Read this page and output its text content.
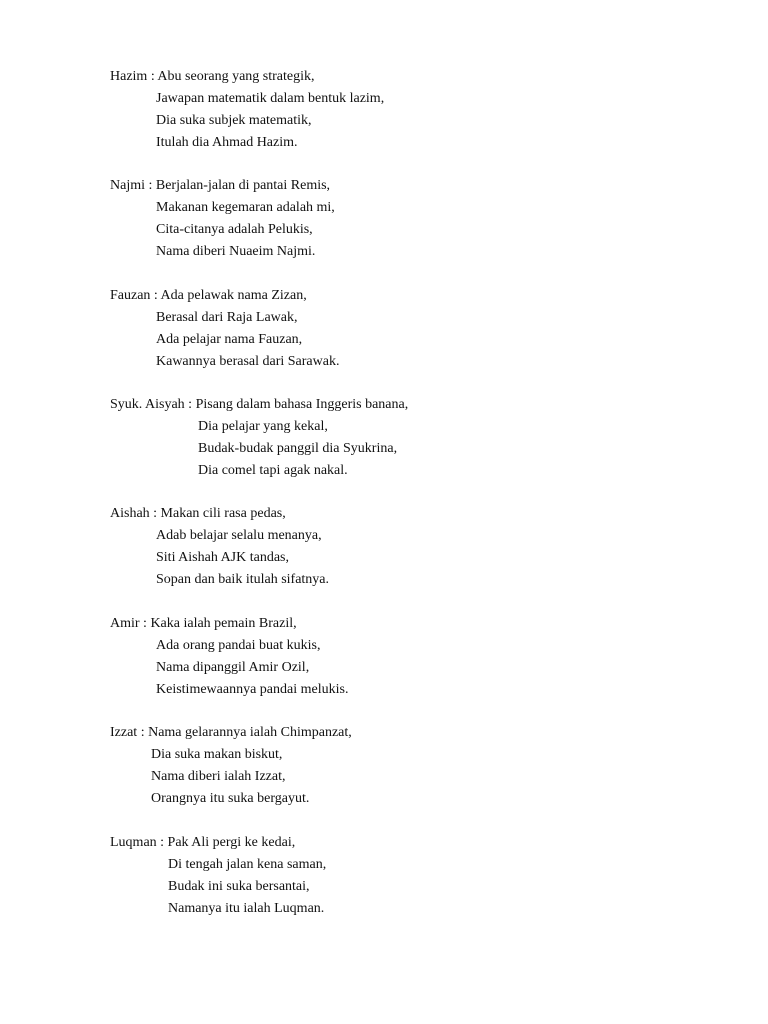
Hazim : Abu seorang yang strategik,
Jawapan matematik dalam bentuk lazim,
Dia suka subjek matematik,
Itulah dia Ahmad Hazim.
Najmi : Berjalan-jalan di pantai Remis,
Makanan kegemaran adalah mi,
Cita-citanya adalah Pelukis,
Nama diberi Nuaeim Najmi.
Fauzan : Ada pelawak nama Zizan,
Berasal dari Raja Lawak,
Ada pelajar nama Fauzan,
Kawannya berasal dari Sarawak.
Syuk. Aisyah : Pisang dalam bahasa Inggeris banana,
Dia pelajar yang kekal,
Budak-budak panggil dia Syukrina,
Dia comel tapi agak nakal.
Aishah : Makan cili rasa pedas,
Adab belajar selalu menanya,
Siti Aishah AJK tandas,
Sopan dan baik itulah sifatnya.
Amir : Kaka ialah pemain Brazil,
Ada orang pandai buat kukis,
Nama dipanggil Amir Ozil,
Keistimewaannya pandai melukis.
Izzat : Nama gelarannya ialah Chimpanzat,
Dia suka makan biskut,
Nama diberi ialah Izzat,
Orangnya itu suka bergayut.
Luqman : Pak Ali pergi ke kedai,
Di tengah jalan kena saman,
Budak ini suka bersantai,
Namanya itu ialah Luqman.
